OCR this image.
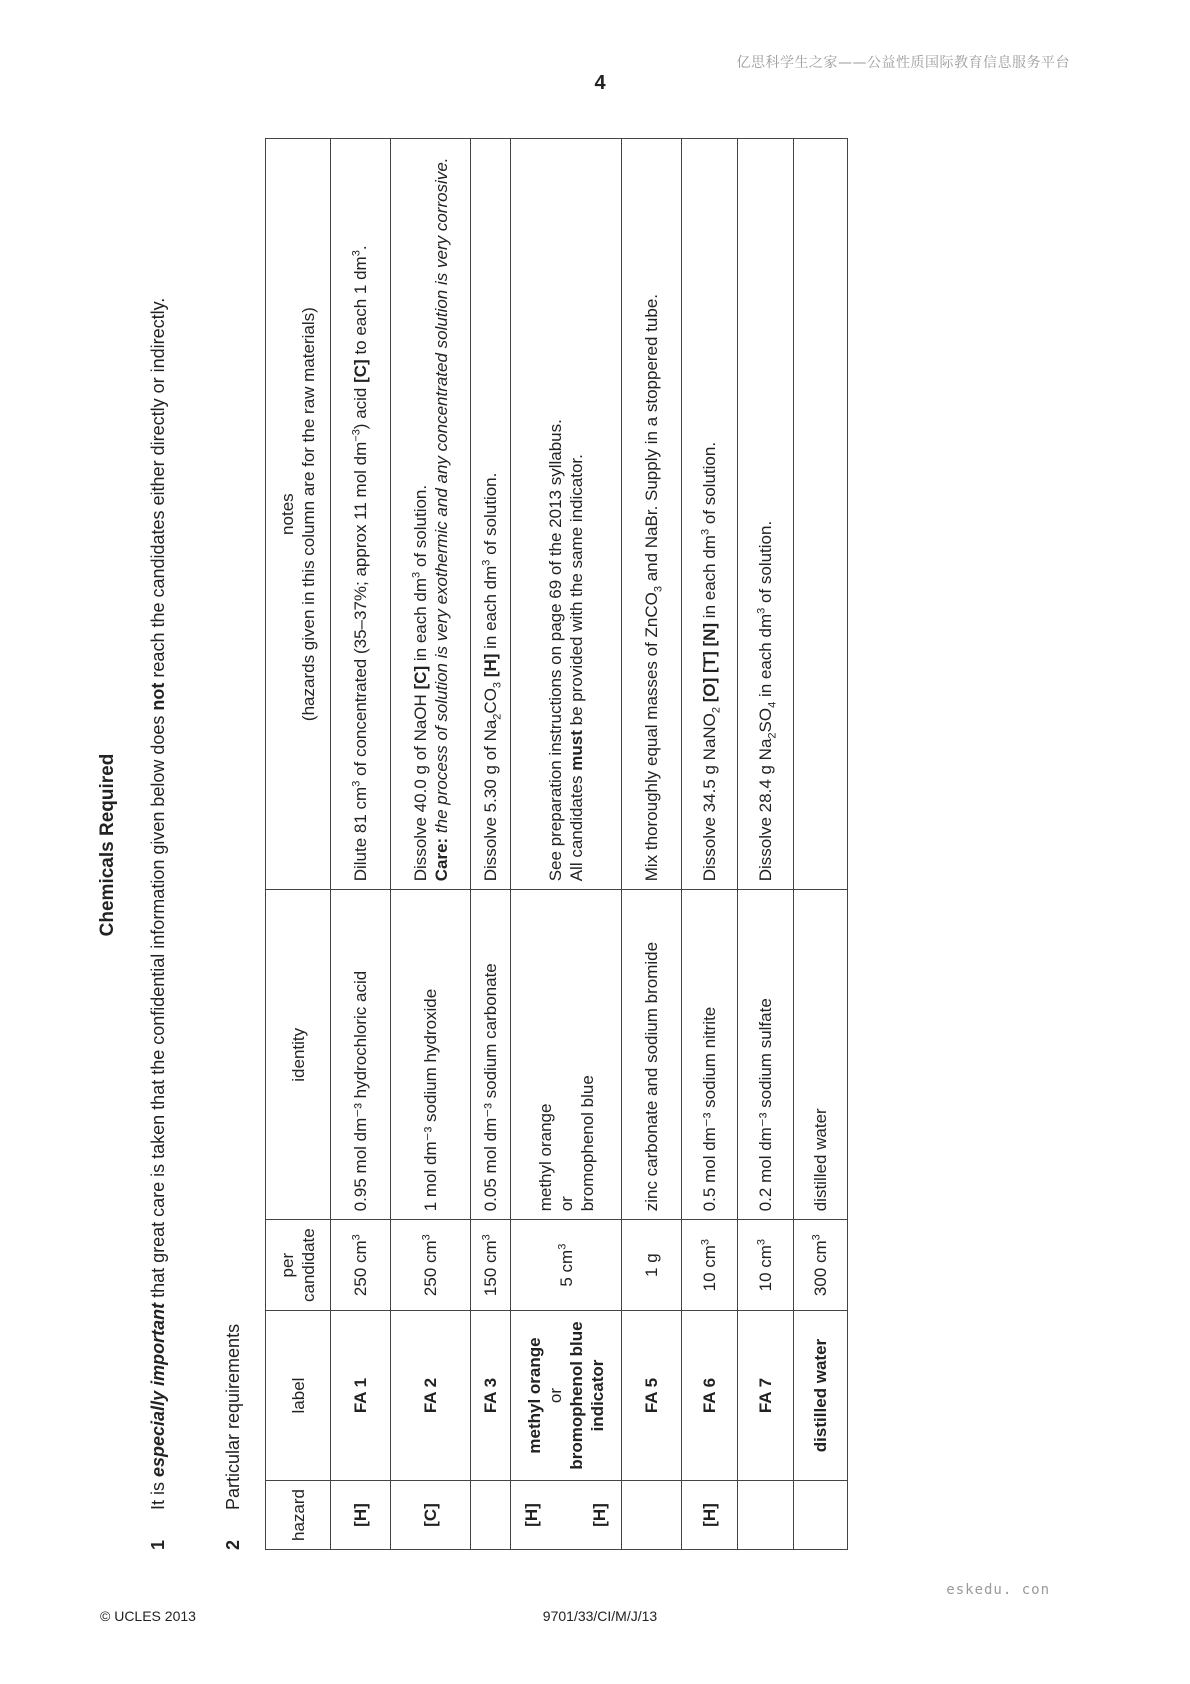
亿思科学生之家——公益性质国际教育信息服务平台
4
Chemicals Required
1
It is especially important that great care is taken that the confidential information given below does not reach the candidates either directly or indirectly.
2
Particular requirements
hazard	label	per candidate	identity	notes (hazards given in this column are for the raw materials)
[H]	FA 1	250 $cm^3$	0.95 mol dm⁻³ hydrochloric acid	Dilute 81 $cm^3$ of concentrated (35–37%; approx 11 mol $dm^{-3}$) acid [C] to each 1 $dm^3$.
[C]	FA 2	250 $cm^3$	1 mol dm⁻³ sodium hydroxide	Dissolve 40.0 g of NaOH [C] in each $dm^3$ of solution.
Care: the process of solution is very exothermic and any concentrated solution is very corrosive.
	FA 3	150 $cm^3$	0.05 mol dm⁻³ sodium carbonate	Dissolve 5.30 g of $Na_2CO_3$ [H] in each $dm^3$ of solution.
[H] [H]	methyl orange or bromophenol blue indicator	5 $cm^3$	methyl orange or bromophenol blue	See preparation instructions on page 69 of the 2013 syllabus. All candidates must be provided with the same indicator.
	FA 5	1 g	zinc carbonate and sodium bromide	Mix thoroughly equal masses of ZnCO$_3$ and NaBr. Supply in a stoppered tube.
[H]	FA 6	10 $cm^3$	0.5 mol dm⁻³ sodium nitrite	Dissolve 34.5 g NaNO$_2$ [O] [T] [N] in each $dm^3$ of solution.
	FA 7	10 $cm^3$	0.2 mol dm⁻³ sodium sulfate	Dissolve 28.4 g $Na_2SO_4$ in each $dm^3$ of solution.
	distilled water	300 $cm^3$	distilled water	
eskedu. con
© UCLES 2013	9701/33/CI/M/J/13
